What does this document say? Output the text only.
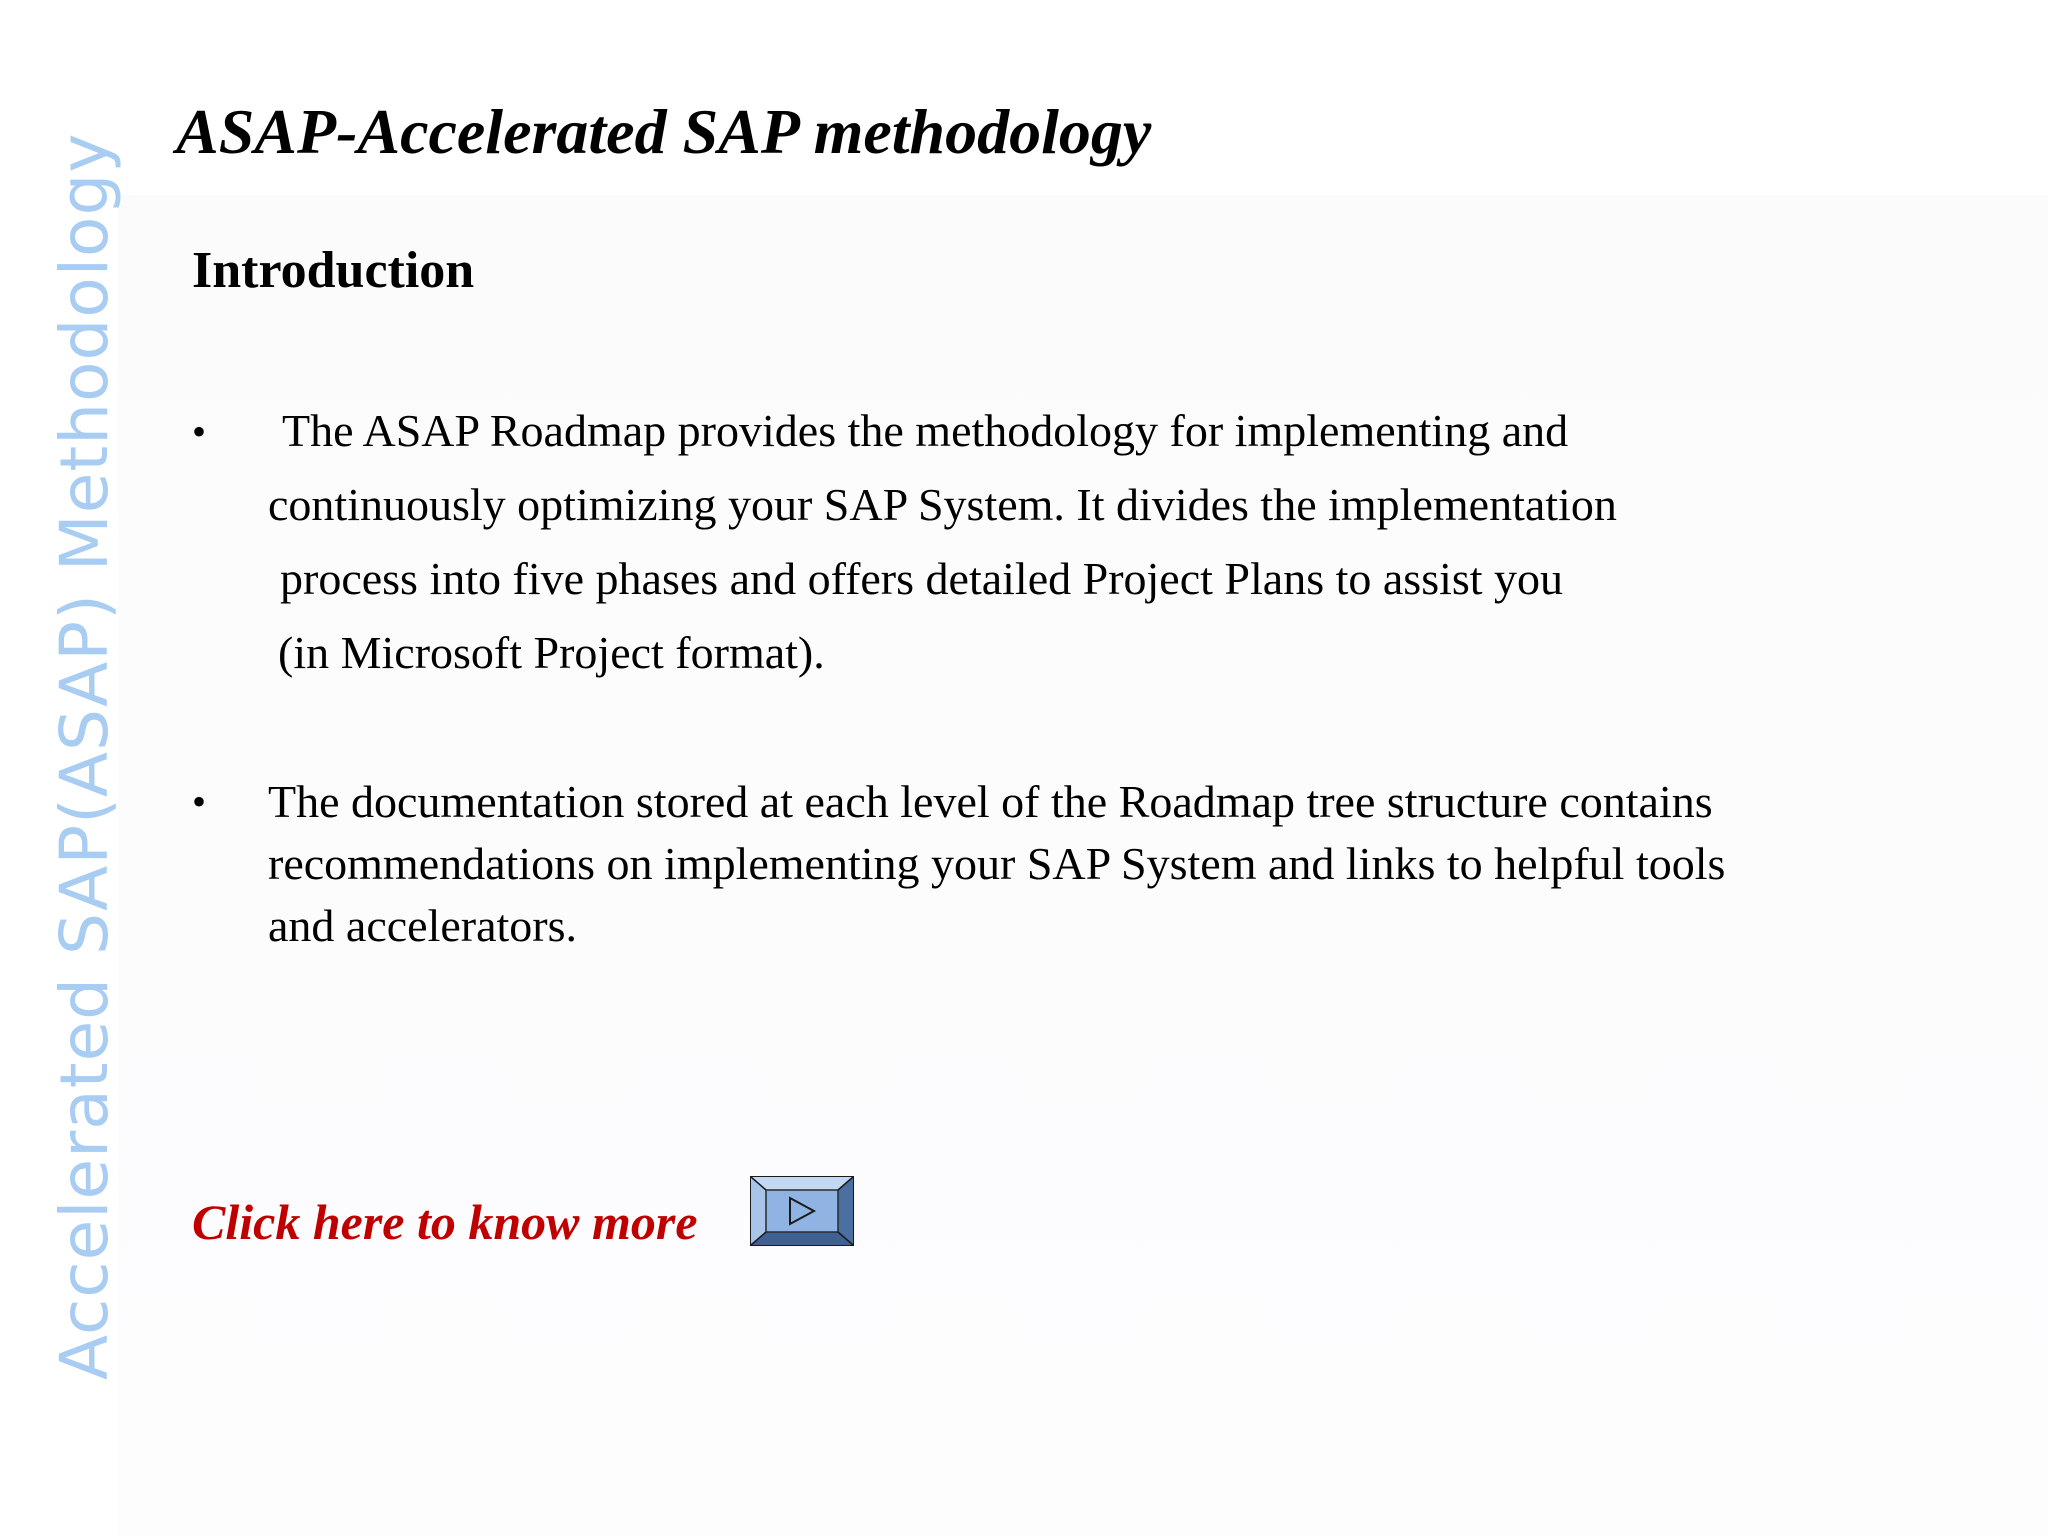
Accelerated SAP(ASAP) Methodology
ASAP-Accelerated SAP methodology
Introduction
• The ASAP Roadmap provides the methodology for implementing and
continuously optimizing your SAP System. It divides the implementation
process into five phases and offers detailed Project Plans to assist you
(in Microsoft Project format).
• The documentation stored at each level of the Roadmap tree structure contains
recommendations on implementing your SAP System and links to helpful tools
and accelerators.
Click here to know more
